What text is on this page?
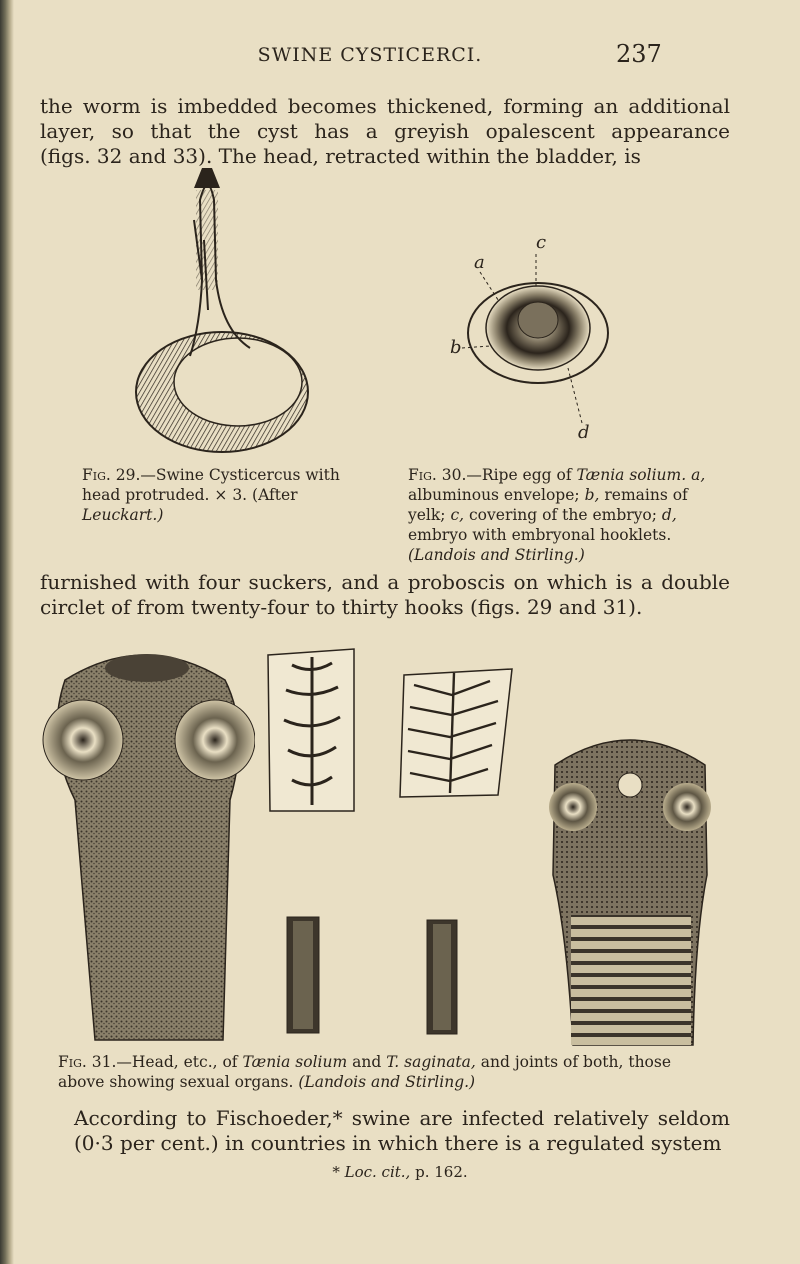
SWINE CYSTICERCI.	237
the worm is imbedded becomes thickened, forming an additional
layer, so that the cyst has a greyish opalescent appearance
(figs. 32 and 33). The head, retracted within the bladder, is
a
c
b
d
Fig. 29.—Swine Cysticercus with head protruded. × 3. (After Leuckart.)
Fig. 30.—Ripe egg of Tænia solium. a, albuminous envelope; b, remains of yelk; c, covering of the embryo; d, embryo with embryonal hooklets. (Landois and Stirling.)
furnished with four suckers, and a proboscis on which is a double
circlet of from twenty-four to thirty hooks (figs. 29 and 31).
Fig. 31.—Head, etc., of Tænia solium and T. saginata, and joints of both, those above showing sexual organs. (Landois and Stirling.)
According to Fischoeder,* swine are infected relatively seldom
(0·3 per cent.) in countries in which there is a regulated system
* Loc. cit., p. 162.
